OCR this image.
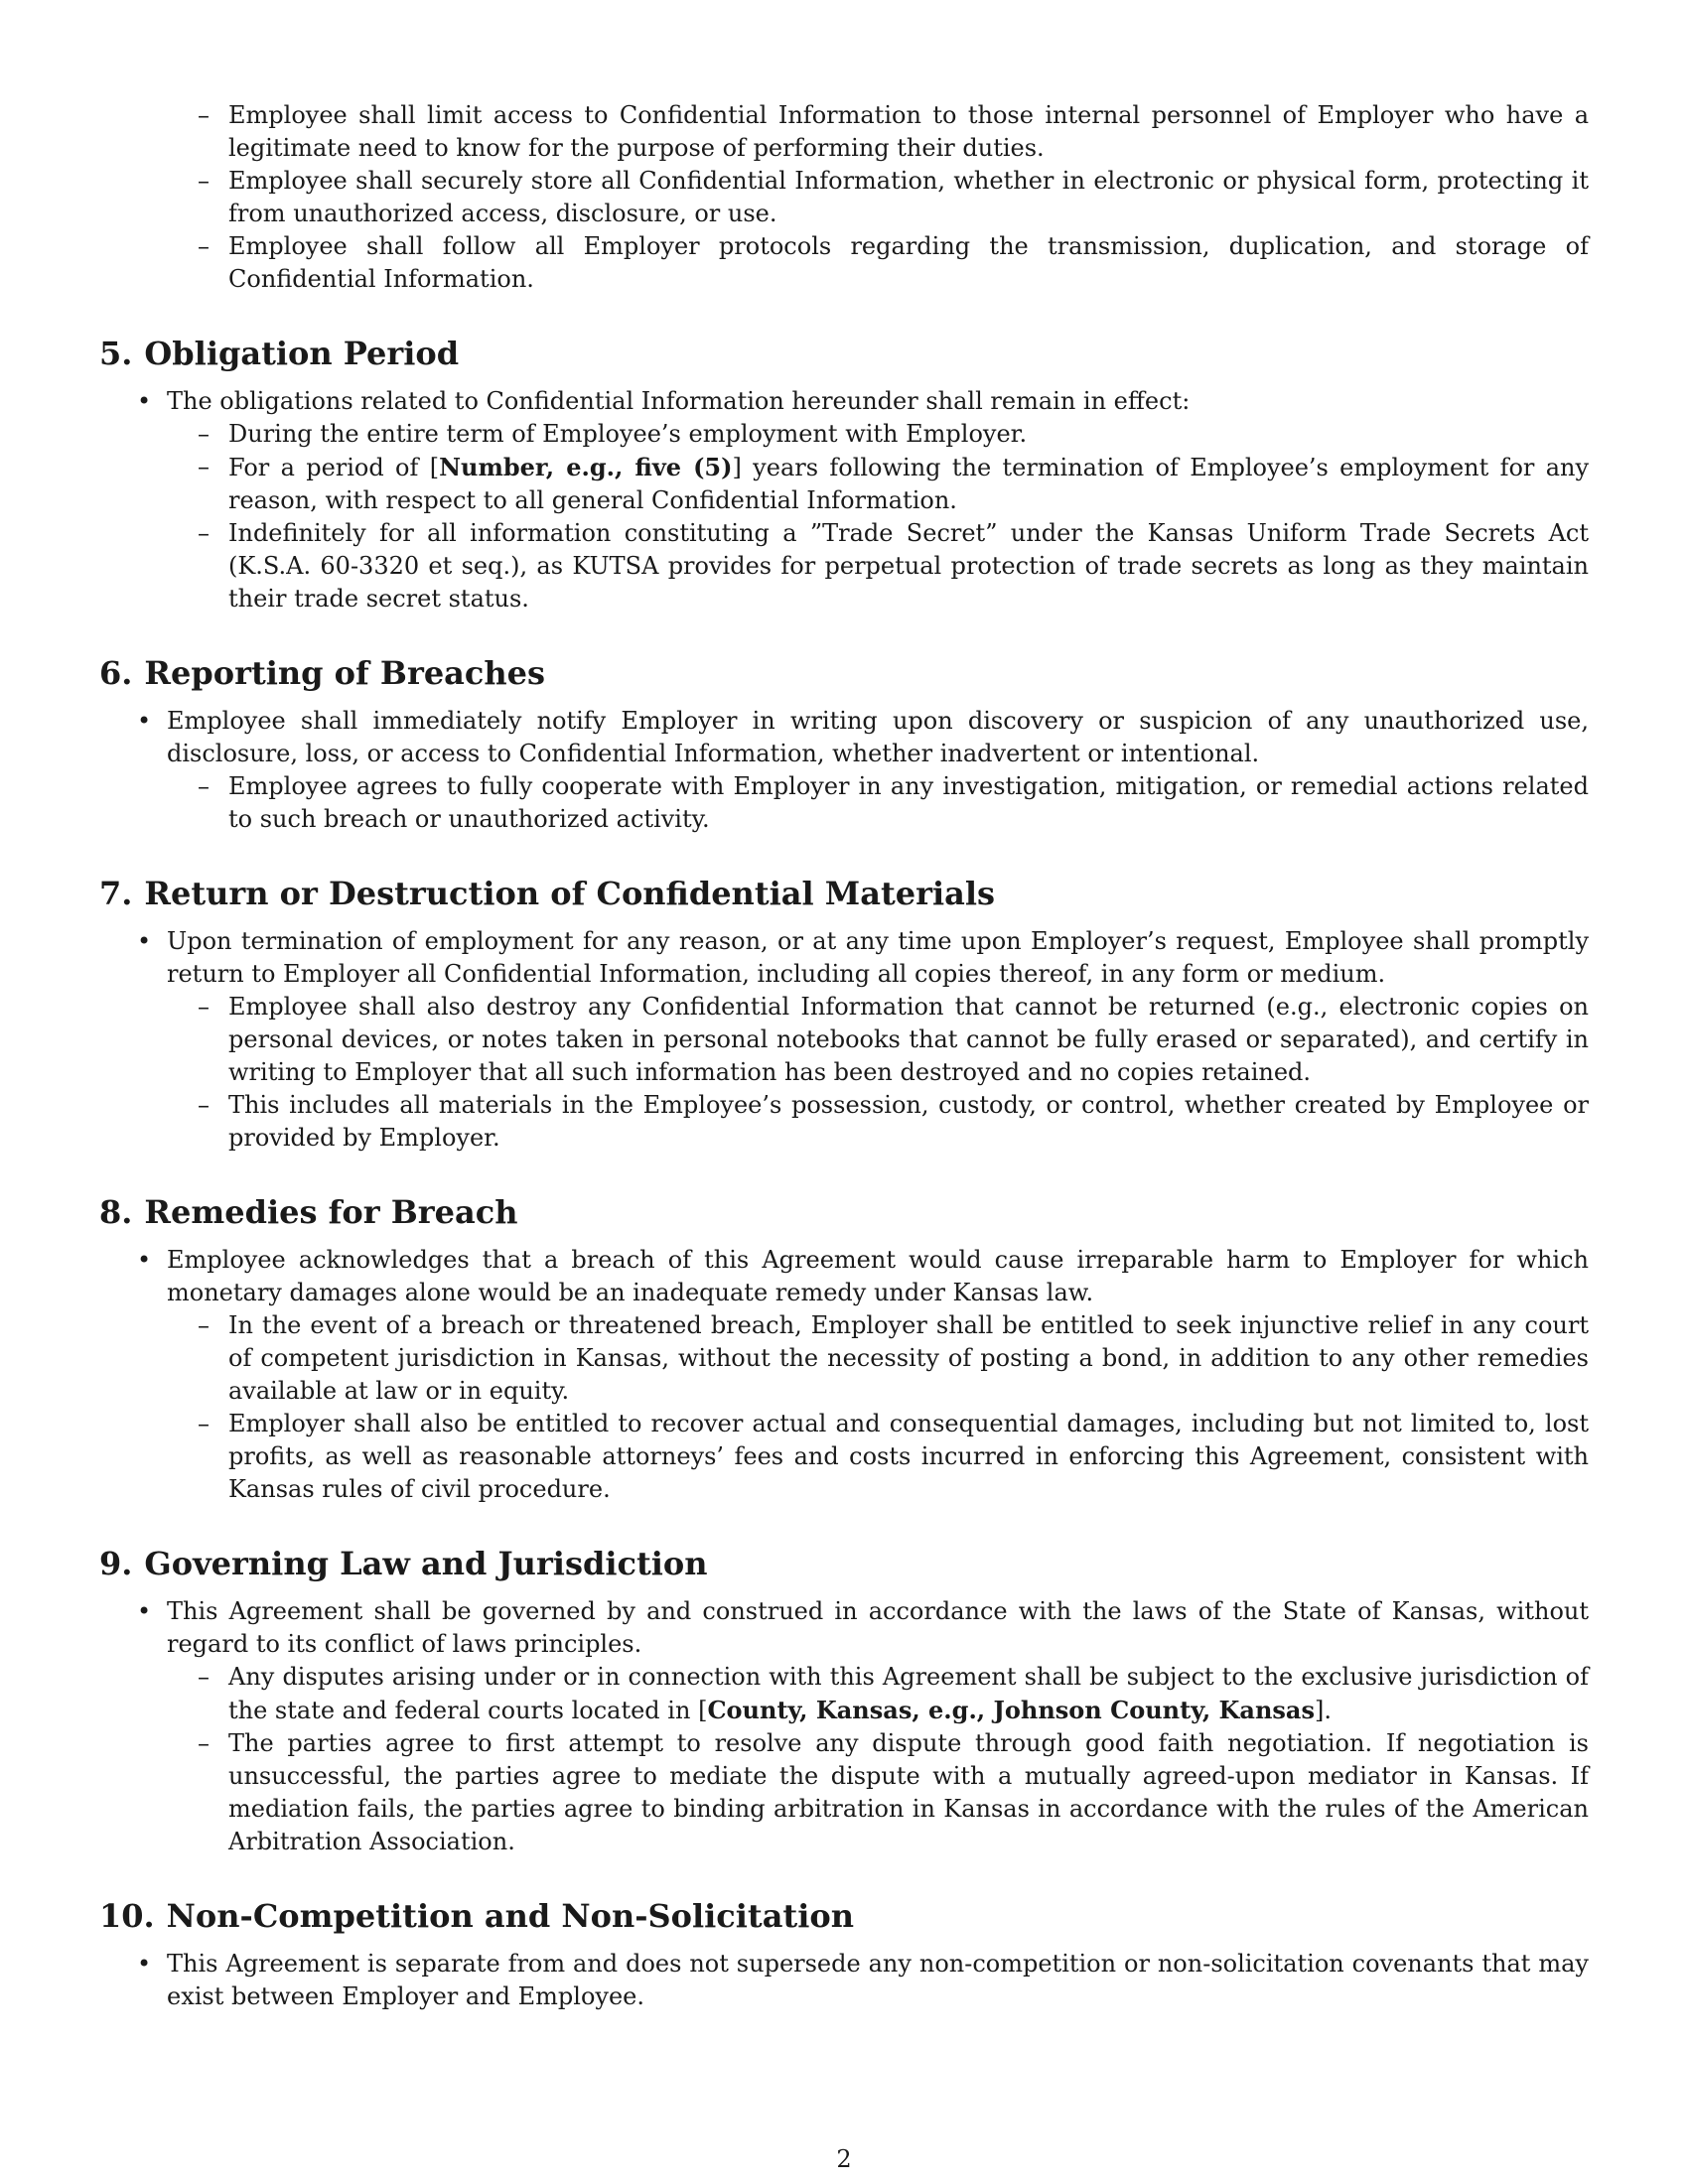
– Employee shall limit access to Confidential Information to those internal personnel of Employer who have a legitimate need to know for the purpose of performing their duties.
– Employee shall securely store all Confidential Information, whether in electronic or physical form, protecting it from unauthorized access, disclosure, or use.
– Employee shall follow all Employer protocols regarding the transmission, duplication, and storage of Confidential Information.
5. Obligation Period
• The obligations related to Confidential Information hereunder shall remain in effect:
– During the entire term of Employee’s employment with Employer.
– For a period of [Number, e.g., five (5)] years following the termination of Employee’s employment for any reason, with respect to all general Confidential Information.
– Indefinitely for all information constituting a ”Trade Secret” under the Kansas Uniform Trade Secrets Act (K.S.A. 60-3320 et seq.), as KUTSA provides for perpetual protection of trade secrets as long as they maintain their trade secret status.
6. Reporting of Breaches
• Employee shall immediately notify Employer in writing upon discovery or suspicion of any unauthorized use, disclosure, loss, or access to Confidential Information, whether inadvertent or intentional.
– Employee agrees to fully cooperate with Employer in any investigation, mitigation, or remedial actions related to such breach or unauthorized activity.
7. Return or Destruction of Confidential Materials
• Upon termination of employment for any reason, or at any time upon Employer’s request, Employee shall promptly return to Employer all Confidential Information, including all copies thereof, in any form or medium.
– Employee shall also destroy any Confidential Information that cannot be returned (e.g., electronic copies on personal devices, or notes taken in personal notebooks that cannot be fully erased or separated), and certify in writing to Employer that all such information has been destroyed and no copies retained.
– This includes all materials in the Employee’s possession, custody, or control, whether created by Employee or provided by Employer.
8. Remedies for Breach
• Employee acknowledges that a breach of this Agreement would cause irreparable harm to Employer for which monetary damages alone would be an inadequate remedy under Kansas law.
– In the event of a breach or threatened breach, Employer shall be entitled to seek injunctive relief in any court of competent jurisdiction in Kansas, without the necessity of posting a bond, in addition to any other remedies available at law or in equity.
– Employer shall also be entitled to recover actual and consequential damages, including but not limited to, lost profits, as well as reasonable attorneys’ fees and costs incurred in enforcing this Agreement, consistent with Kansas rules of civil procedure.
9. Governing Law and Jurisdiction
• This Agreement shall be governed by and construed in accordance with the laws of the State of Kansas, without regard to its conflict of laws principles.
– Any disputes arising under or in connection with this Agreement shall be subject to the exclusive jurisdiction of the state and federal courts located in [County, Kansas, e.g., Johnson County, Kansas].
– The parties agree to first attempt to resolve any dispute through good faith negotiation. If negotiation is unsuccessful, the parties agree to mediate the dispute with a mutually agreed-upon mediator in Kansas. If mediation fails, the parties agree to binding arbitration in Kansas in accordance with the rules of the American Arbitration Association.
10. Non-Competition and Non-Solicitation
• This Agreement is separate from and does not supersede any non-competition or non-solicitation covenants that may exist between Employer and Employee.
2
